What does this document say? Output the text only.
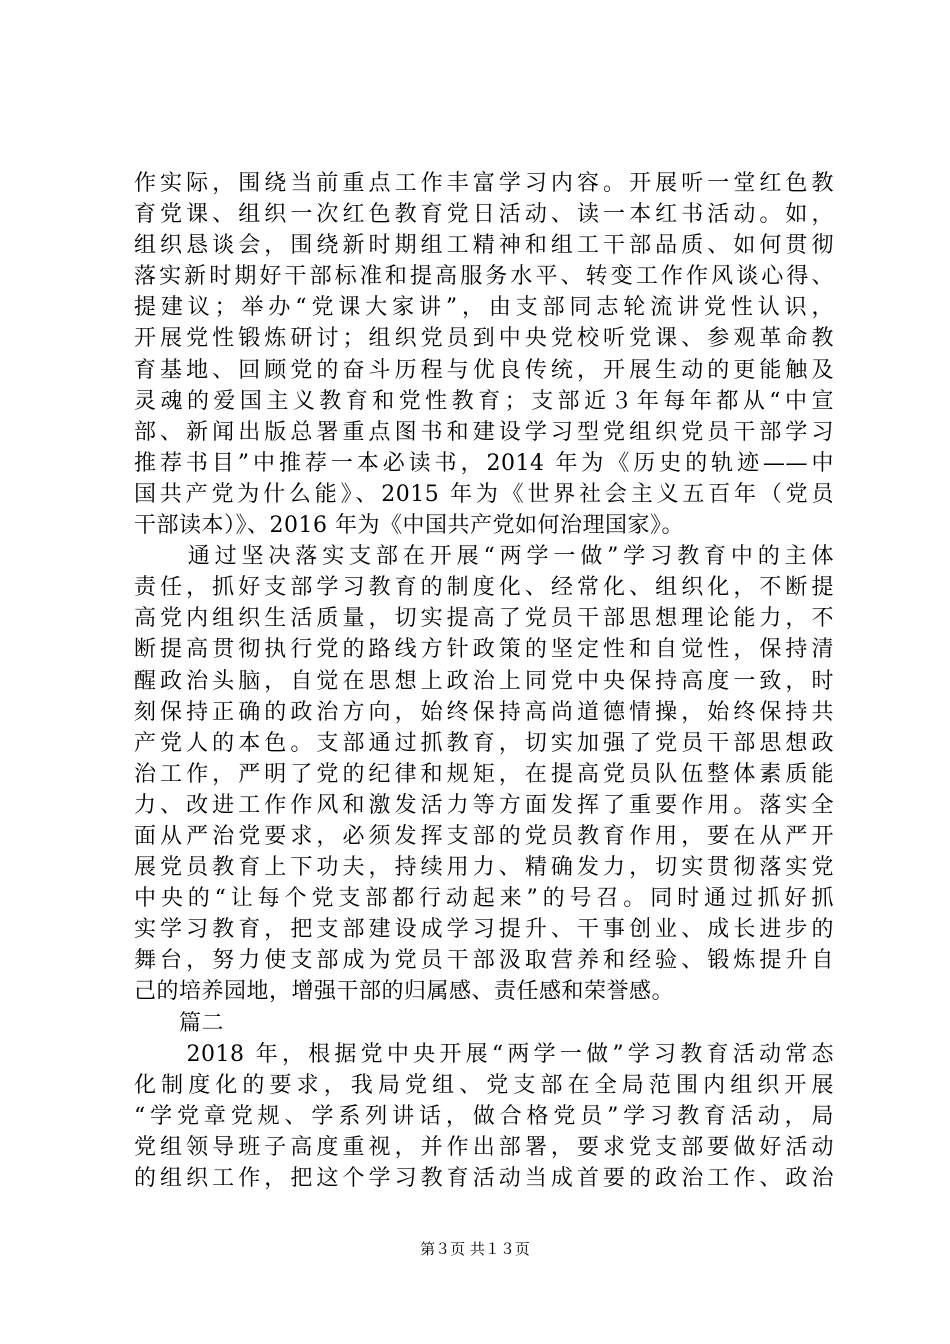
作实际，围绕当前重点工作丰富学习内容。开展听一堂红色教
育党课、组织一次红色教育党日活动、读一本红书活动。如，
组织恳谈会，围绕新时期组工精神和组工干部品质、如何贯彻
落实新时期好干部标准和提高服务水平、转变工作作风谈心得、
提建议；举办“党课大家讲”，由支部同志轮流讲党性认识，
开展党性锻炼研讨；组织党员到中央党校听党课、参观革命教
育基地、回顾党的奋斗历程与优良传统，开展生动的更能触及
灵魂的爱国主义教育和党性教育；支部近３年每年都从“中宣
部、新闻出版总署重点图书和建设学习型党组织党员干部学习
推荐书目”中推荐一本必读书，2014 年为《历史的轨迹——中
国共产党为什么能》、2015 年为《世界社会主义五百年（党员
干部读本）》、2016 年为《中国共产党如何治理国家》。
　　通过坚决落实支部在开展“两学一做”学习教育中的主体
责任，抓好支部学习教育的制度化、经常化、组织化，不断提
高党内组织生活质量，切实提高了党员干部思想理论能力，不
断提高贯彻执行党的路线方针政策的坚定性和自觉性，保持清
醒政治头脑，自觉在思想上政治上同党中央保持高度一致，时
刻保持正确的政治方向，始终保持高尚道德情操，始终保持共
产党人的本色。支部通过抓教育，切实加强了党员干部思想政
治工作，严明了党的纪律和规矩，在提高党员队伍整体素质能
力、改进工作作风和激发活力等方面发挥了重要作用。落实全
面从严治党要求，必须发挥支部的党员教育作用，要在从严开
展党员教育上下功夫，持续用力、精确发力，切实贯彻落实党
中央的“让每个党支部都行动起来”的号召。同时通过抓好抓
实学习教育，把支部建设成学习提升、干事创业、成长进步的
舞台，努力使支部成为党员干部汲取营养和经验、锻炼提升自
己的培养园地，增强干部的归属感、责任感和荣誉感。
　　篇二
　　2018 年，根据党中央开展“两学一做”学习教育活动常态
化制度化的要求，我局党组、党支部在全局范围内组织开展
“学党章党规、学系列讲话，做合格党员”学习教育活动，局
党组领导班子高度重视，并作出部署，要求党支部要做好活动
的组织工作，把这个学习教育活动当成首要的政治工作、政治
第３页 共１３页
